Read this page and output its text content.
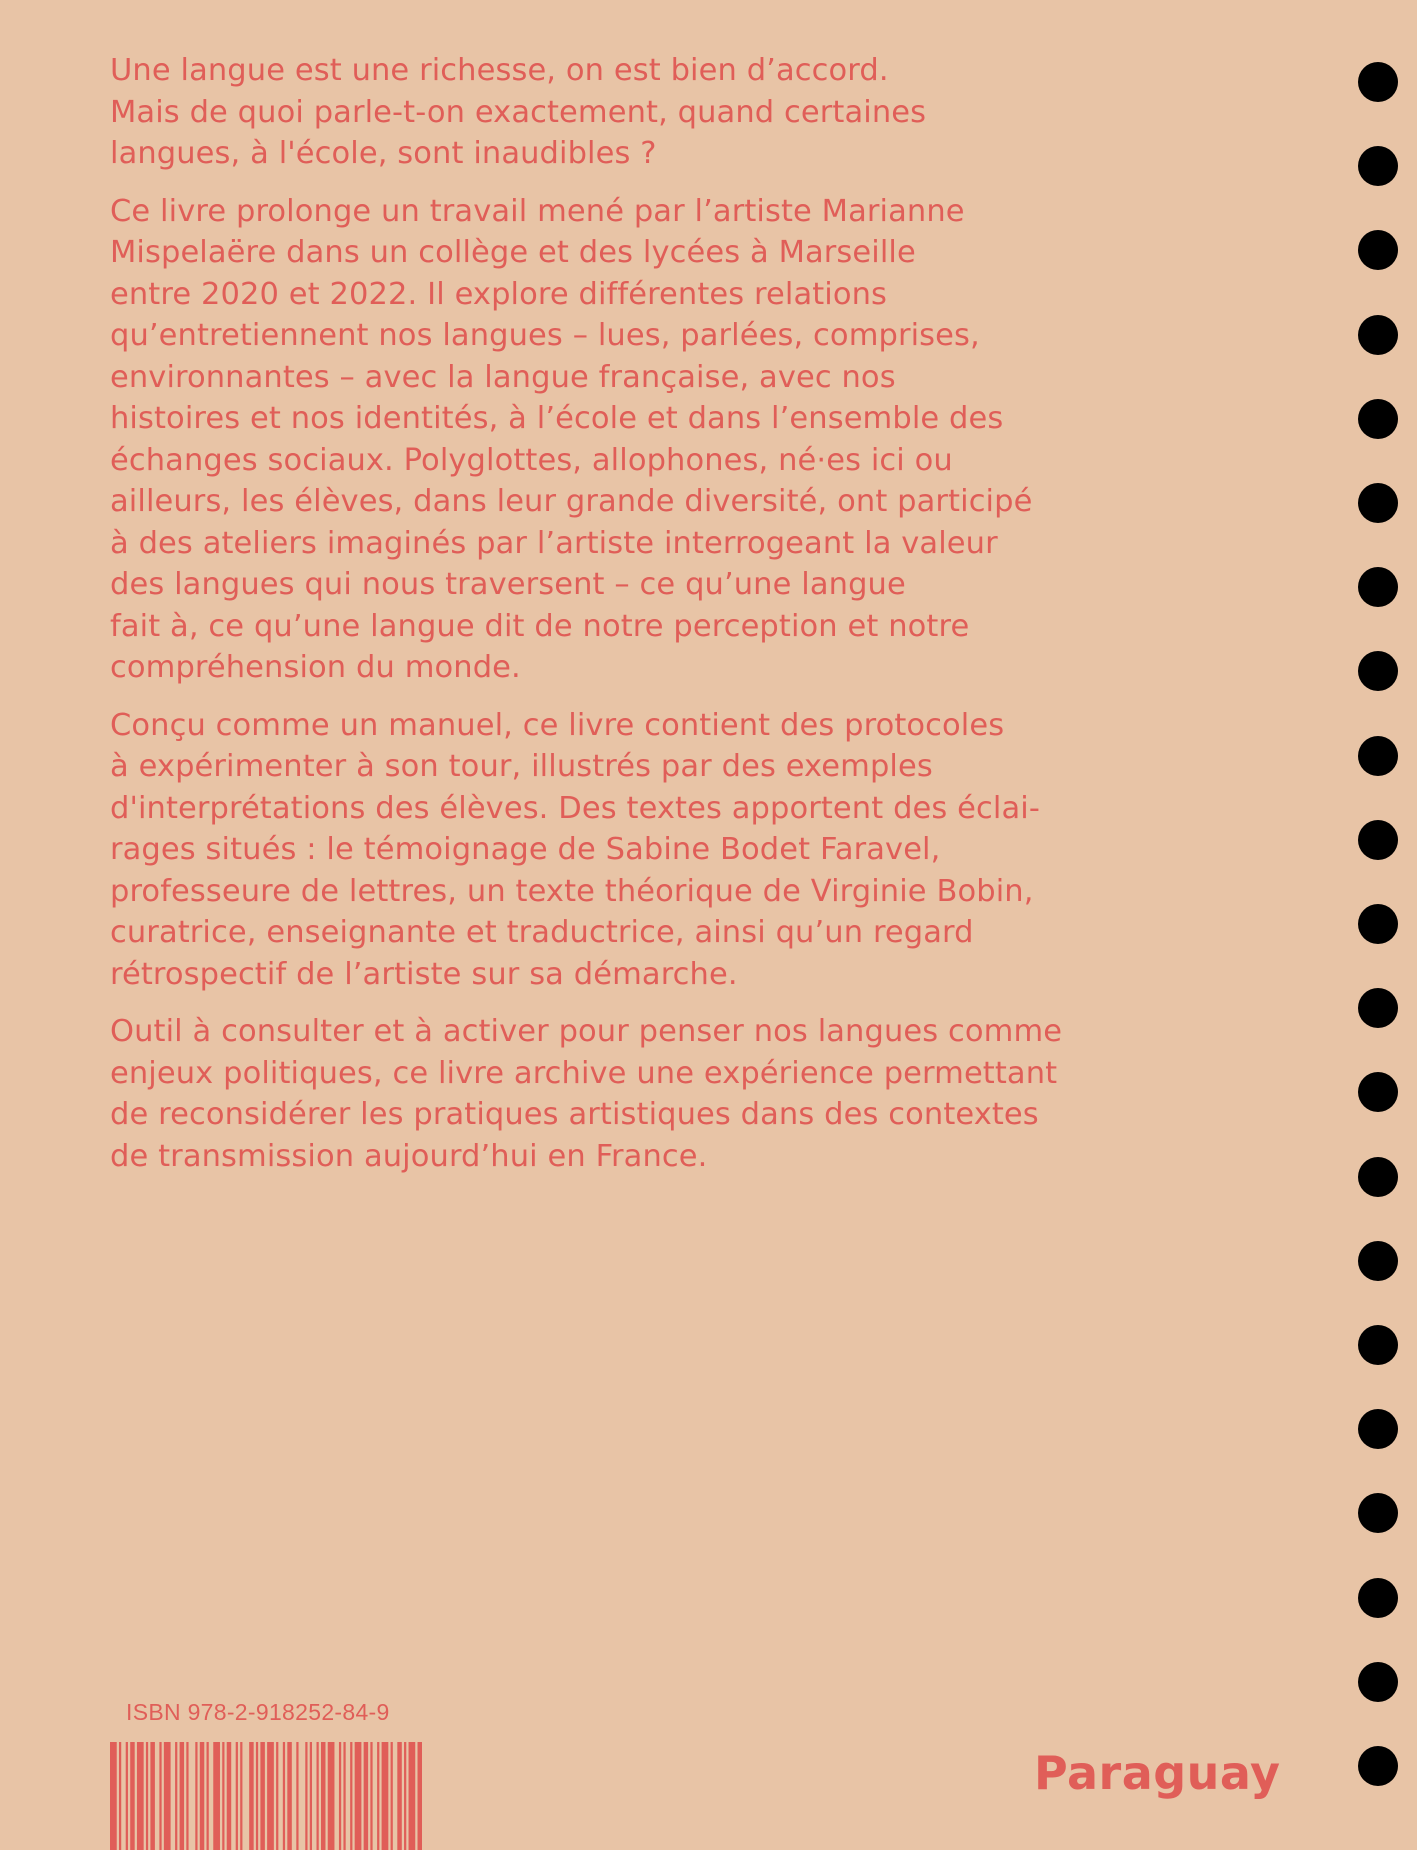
Une langue est une richesse, on est bien d’accord.
Mais de quoi parle-t-on exactement, quand certaines
langues, à l'école, sont inaudibles ?
Ce livre prolonge un travail mené par l’artiste Marianne
Mispelaëre dans un collège et des lycées à Marseille
entre 2020 et 2022. Il explore différentes relations
qu’entretiennent nos langues – lues, parlées, comprises,
environnantes – avec la langue française, avec nos
histoires et nos identités, à l’école et dans l’ensemble des
échanges sociaux. Polyglottes, allophones, né·es ici ou
ailleurs, les élèves, dans leur grande diversité, ont participé
à des ateliers imaginés par l’artiste interrogeant la valeur
des langues qui nous traversent – ce qu’une langue
fait à, ce qu’une langue dit de notre perception et notre
compréhension du monde.
Conçu comme un manuel, ce livre contient des protocoles
à expérimenter à son tour, illustrés par des exemples
d'interprétations des élèves. Des textes apportent des éclai-
rages situés : le témoignage de Sabine Bodet Faravel,
professeure de lettres, un texte théorique de Virginie Bobin,
curatrice, enseignante et traductrice, ainsi qu’un regard
rétrospectif de l’artiste sur sa démarche.
Outil à consulter et à activer pour penser nos langues comme
enjeux politiques, ce livre archive une expérience permettant
de reconsidérer les pratiques artistiques dans des contextes
de transmission aujourd’hui en France.
ISBN 978-2-918252-84-9
Paraguay
